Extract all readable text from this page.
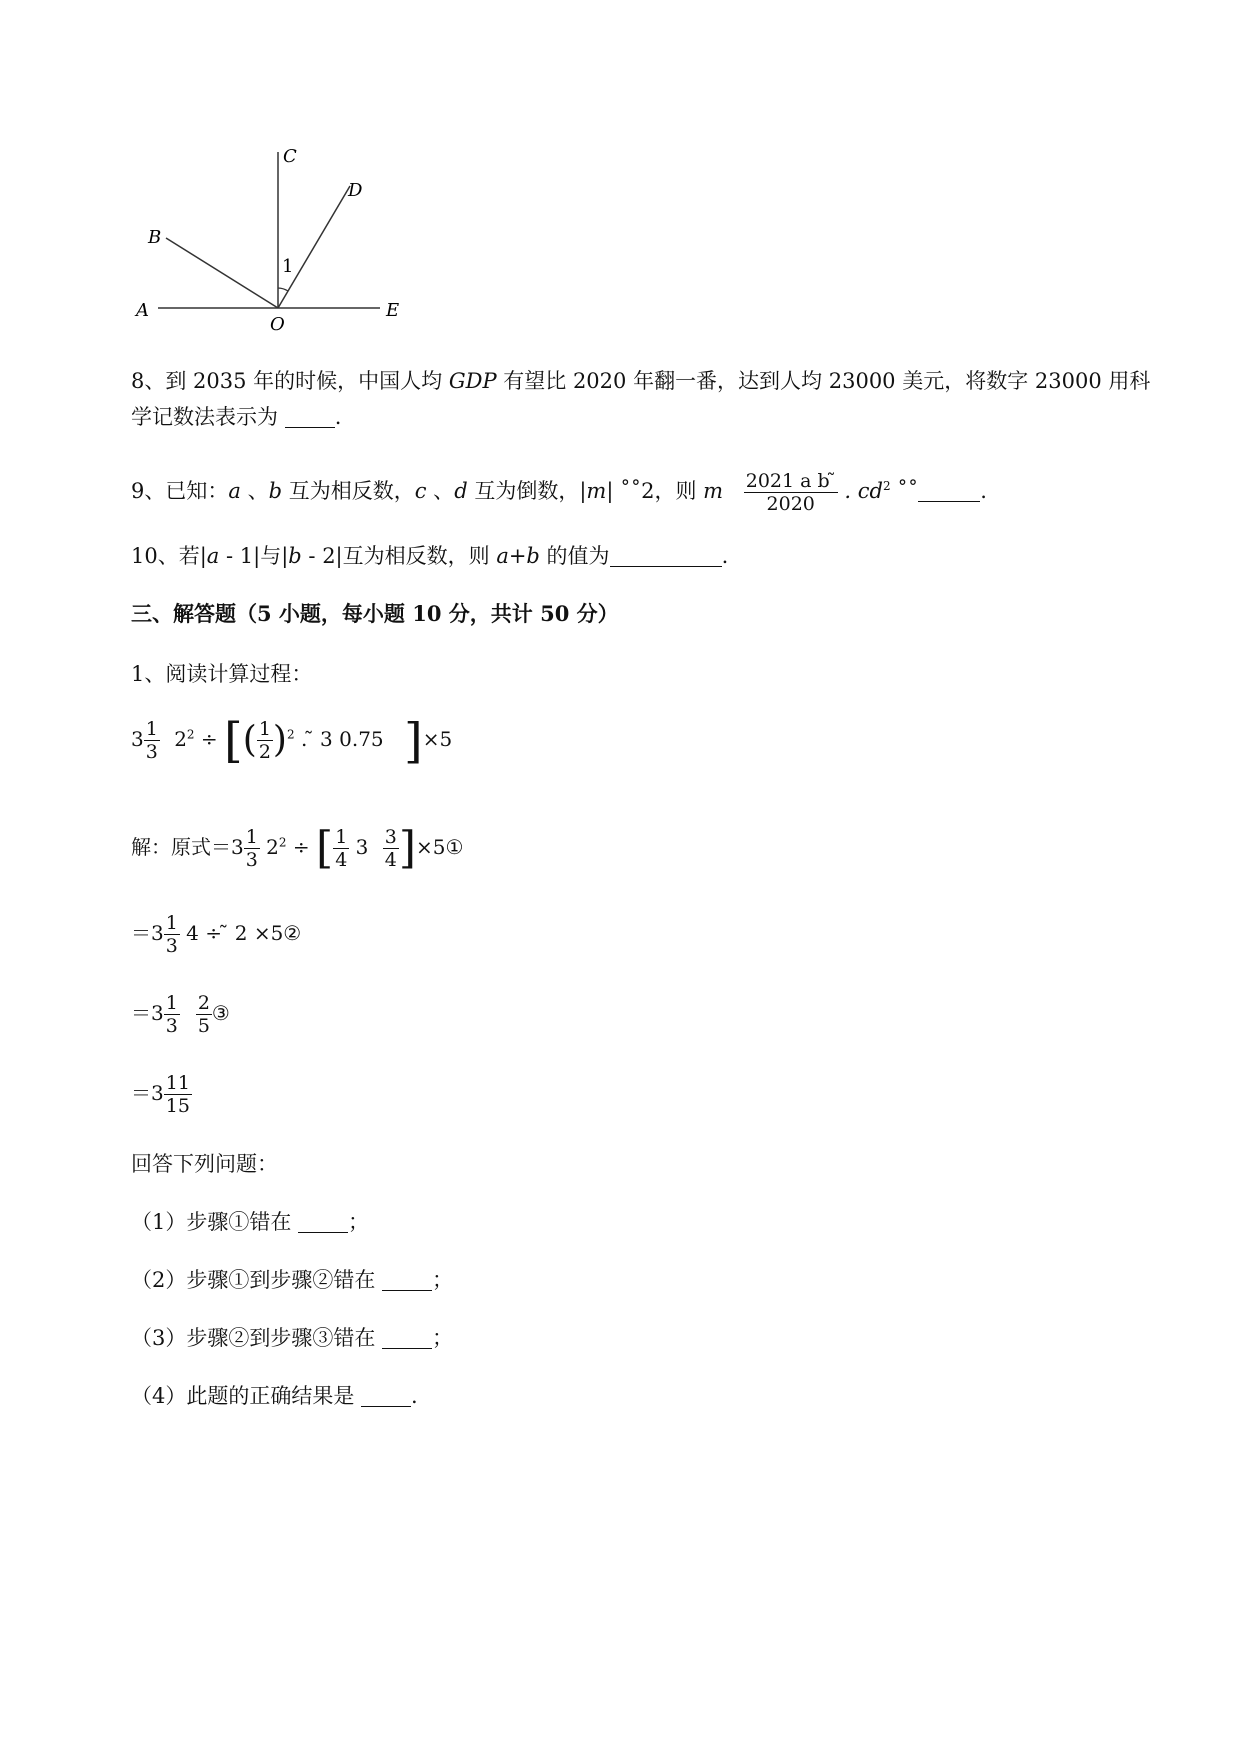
C
D
B
1
A
O
E
8、到 2035 年的时候，中国人均 GDP 有望比 2020 年翻一番，达到人均 23000 美元，将数字 23000 用科
学记数法表示为 .
9、已知：a 、b 互为相反数，c 、d 互为倒数，|m| ˚˚2，则 m $\frac{\text{2021 a b ̃}}{2020}$ . $cd^2$ ˚˚	.
10、若|a - 1|与|b - 2|互为相反数，则 a+b 的值为	.
三、解答题（5 小题，每小题 10 分，共计 50 分）
1、阅读计算过程：
$3 \frac{1}{3} 2^2$ ÷ [( $\frac{1}{2} )^2$ . ̃ 3 0.75 ]×5
解：原式$=3 \frac{1}{3} 2^2$ ÷ [ $\frac{1}{4} 3 \frac{3}{4}$ ]×5①
$=3 \frac{1}{3} 4$ ÷ ̃ 2 ×5②
$=3 \frac{1}{3} \frac{2}{5}$ ③
$=3 \frac{11}{15}$
回答下列问题：
（1）步骤①错在 ；
（2）步骤①到步骤②错在 ；
（3）步骤②到步骤③错在 ；
（4）此题的正确结果是 .
